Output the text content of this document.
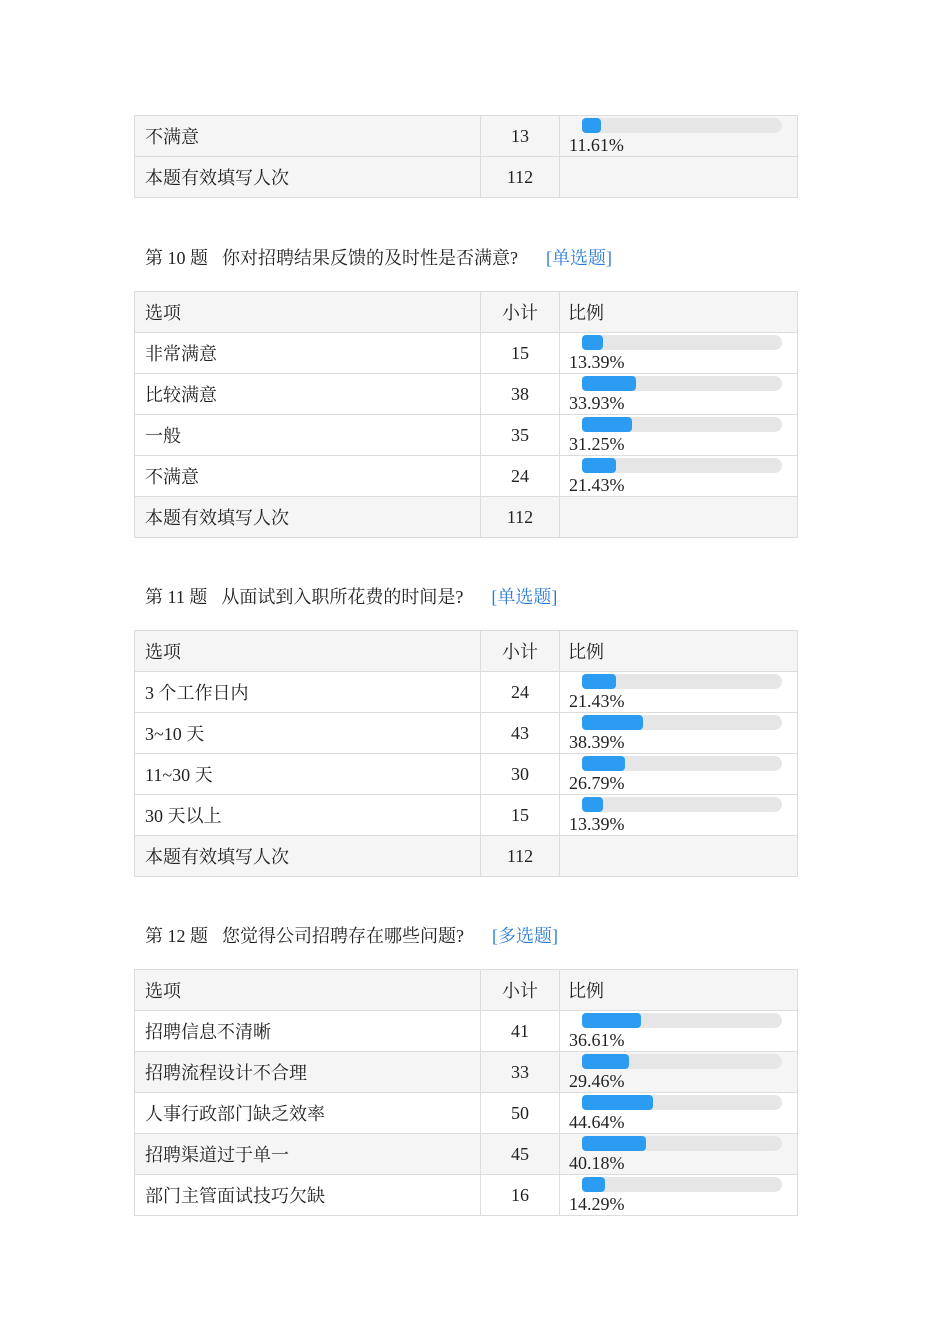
不满意	13	11.61%

本题有效填写人次	112	
第 10 题 你对招聘结果反馈的及时性是否满意? [单选题]
选项	小计	比例
非常满意	15	13.39%

比较满意	38	33.93%

一般	35	31.25%

不满意	24	21.43%

本题有效填写人次	112	
第 11 题 从面试到入职所花费的时间是? [单选题]
选项	小计	比例
3 个工作日内	24	21.43%

3~10 天	43	38.39%

11~30 天	30	26.79%

30 天以上	15	13.39%

本题有效填写人次	112	
第 12 题 您觉得公司招聘存在哪些问题? [多选题]
选项	小计	比例
招聘信息不清晰	41	36.61%

招聘流程设计不合理	33	29.46%

人事行政部门缺乏效率	50	44.64%

招聘渠道过于单一	45	40.18%

部门主管面试技巧欠缺	16	14.29%
